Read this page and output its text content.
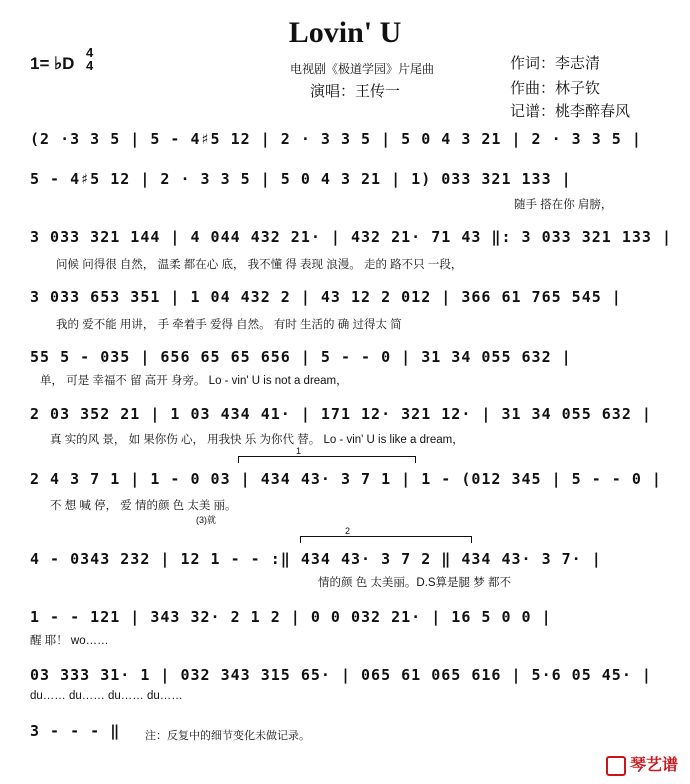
Lovin' U
1= ♭D
4
4	电视剧《极道学园》片尾曲
演唱：王传一
作词：李志清
作曲：林子钦
记谱：桃李醉春风
(2 ·3 3 5 | 5 - 4♯5 12 | 2 · 3 3 5 | 5 0 4 3 21 | 2 · 3 3 5 |
5 - 4♯5 12 | 2 · 3 3 5 | 5 0 4 3 21 | 1) 033 321 133 |
3 033 321 144 | 4 044 432 21· | 432 21· 71 43 ‖: 3 033 321 133 |
3 033 653 351 | 1 04 432 2 | 43 12 2 012 | 366 61 765 545 |
55 5 - 035 | 656 65 65 656 | 5 - - 0 | 31 34 055 632 |
2 03 352 21 | 1 03 434 41· | 171 12· 321 12· | 31 34 055 632 |
2 4 3 7 1 | 1 - 0 03 | 434 43· 3 7 1 | 1 - (012 345 | 5 - - 0 |
4 - 0343 232 | 12 1 - - :‖ 434 43· 3 7 2 ‖ 434 43· 3 7· |
1 - - 121 | 343 32· 2 1 2 | 0 0 032 21· | 16 5 0 0 |
03 333 31· 1 | 032 343 315 65· | 065 61 065 616 | 5·6 05 45· |
3 - - - ‖
1
2
随手 搭在你 肩膀，
问候 问得很 自然， 温柔 都在心 底， 我不懂 得 表现 浪漫。 走的 路不只 一段，
我的 爱不能 用讲， 手 牵着手 爱得 自然。 有时 生活的 确 过得太 简
单， 可是 幸福不 留 高开 身旁。 Lo - vin' U is not a dream，
真 实的风 景， 如 果你伤 心， 用我快 乐 为你代 替。 Lo - vin' U is like a dream，
不 想 喊 停， 爱 情的颜 色 太美 丽。
(3)就
情的颜 色 太美丽。D.S算是腿 梦 都不
醒 耶！ wo……
du…… du…… du…… du……
注：反复中的细节变化未做记录。
琴艺谱
